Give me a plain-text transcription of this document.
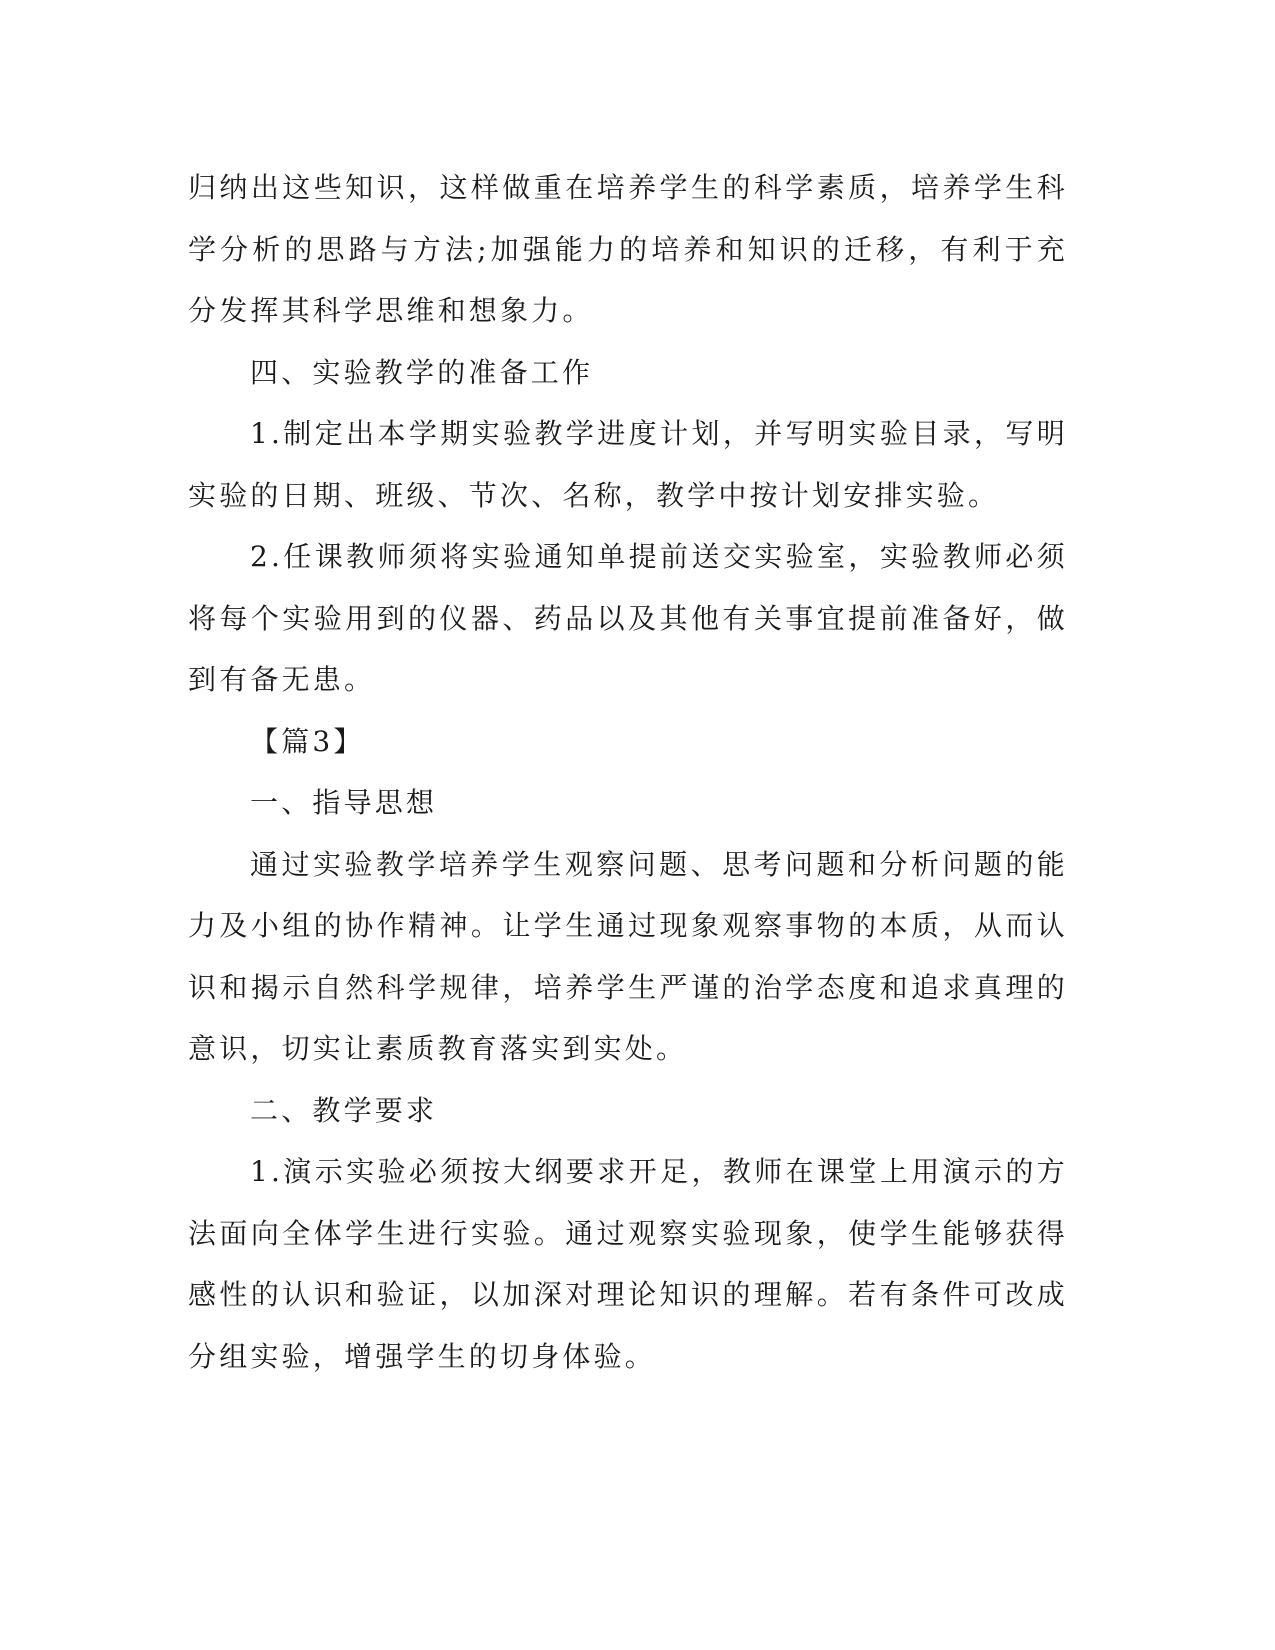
归纳出这些知识，这样做重在培养学生的科学素质，培养学生科学分析的思路与方法;加强能力的培养和知识的迁移，有利于充分发挥其科学思维和想象力。

四、实验教学的准备工作

1.制定出本学期实验教学进度计划，并写明实验目录，写明实验的日期、班级、节次、名称，教学中按计划安排实验。

2.任课教师须将实验通知单提前送交实验室，实验教师必须将每个实验用到的仪器、药品以及其他有关事宜提前准备好，做到有备无患。

【篇3】

一、指导思想

通过实验教学培养学生观察问题、思考问题和分析问题的能力及小组的协作精神。让学生通过现象观察事物的本质，从而认识和揭示自然科学规律，培养学生严谨的治学态度和追求真理的意识，切实让素质教育落实到实处。

二、教学要求

1.演示实验必须按大纲要求开足，教师在课堂上用演示的方法面向全体学生进行实验。通过观察实验现象，使学生能够获得感性的认识和验证，以加深对理论知识的理解。若有条件可改成分组实验，增强学生的切身体验。
